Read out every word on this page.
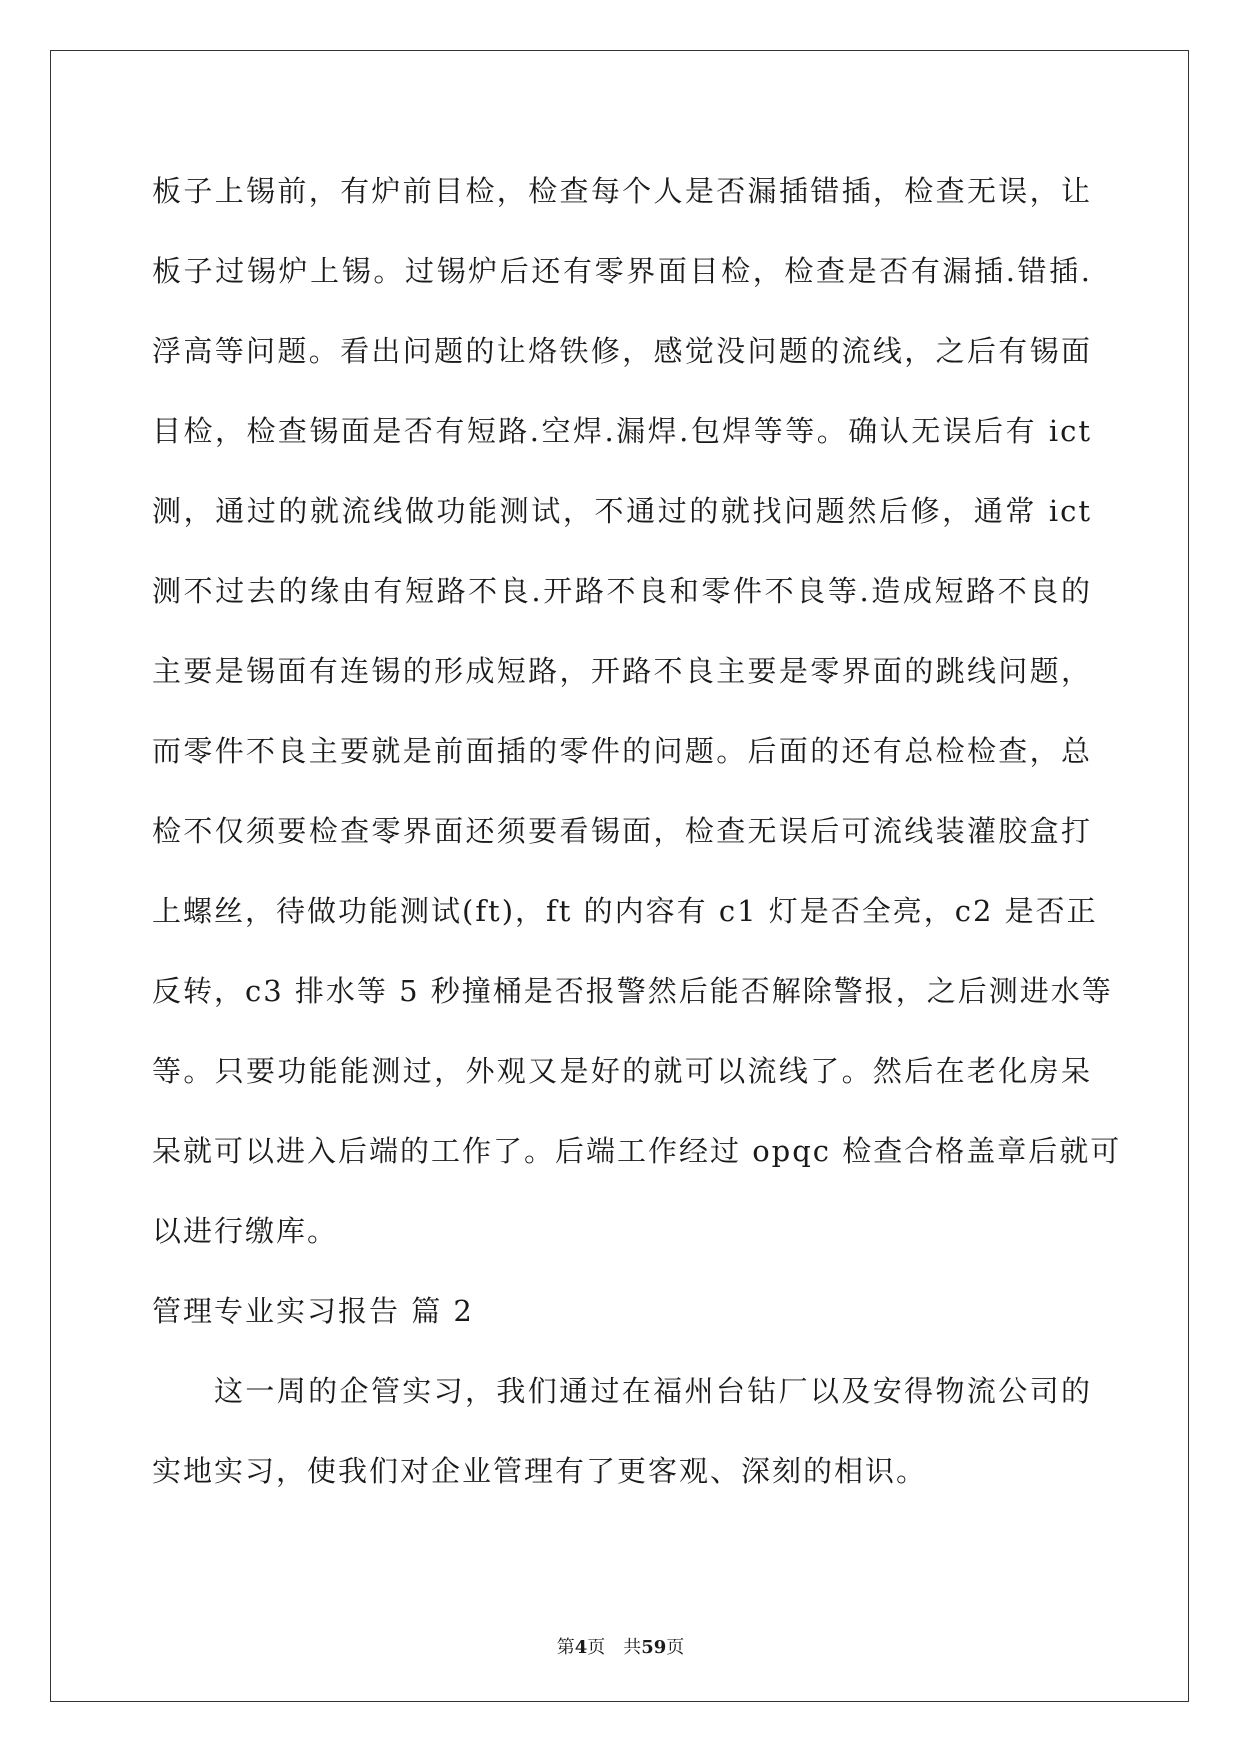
板子上锡前，有炉前目检，检查每个人是否漏插错插，检查无误，让
板子过锡炉上锡。过锡炉后还有零界面目检，检查是否有漏插.错插.
浮高等问题。看出问题的让烙铁修，感觉没问题的流线，之后有锡面
目检，检查锡面是否有短路.空焊.漏焊.包焊等等。确认无误后有 ict
测，通过的就流线做功能测试，不通过的就找问题然后修，通常 ict
测不过去的缘由有短路不良.开路不良和零件不良等.造成短路不良的
主要是锡面有连锡的形成短路，开路不良主要是零界面的跳线问题，
而零件不良主要就是前面插的零件的问题。后面的还有总检检查，总
检不仅须要检查零界面还须要看锡面，检查无误后可流线装灌胶盒打
上螺丝，待做功能测试(ft)，ft 的内容有 c1 灯是否全亮，c2 是否正
反转，c3 排水等 5 秒撞桶是否报警然后能否解除警报，之后测进水等
等。只要功能能测过，外观又是好的就可以流线了。然后在老化房呆
呆就可以进入后端的工作了。后端工作经过 opqc 检查合格盖章后就可
以进行缴库。
管理专业实习报告 篇 2
这一周的企管实习，我们通过在福州台钻厂以及安得物流公司的
实地实习，使我们对企业管理有了更客观、深刻的相识。
第4页　共59页
